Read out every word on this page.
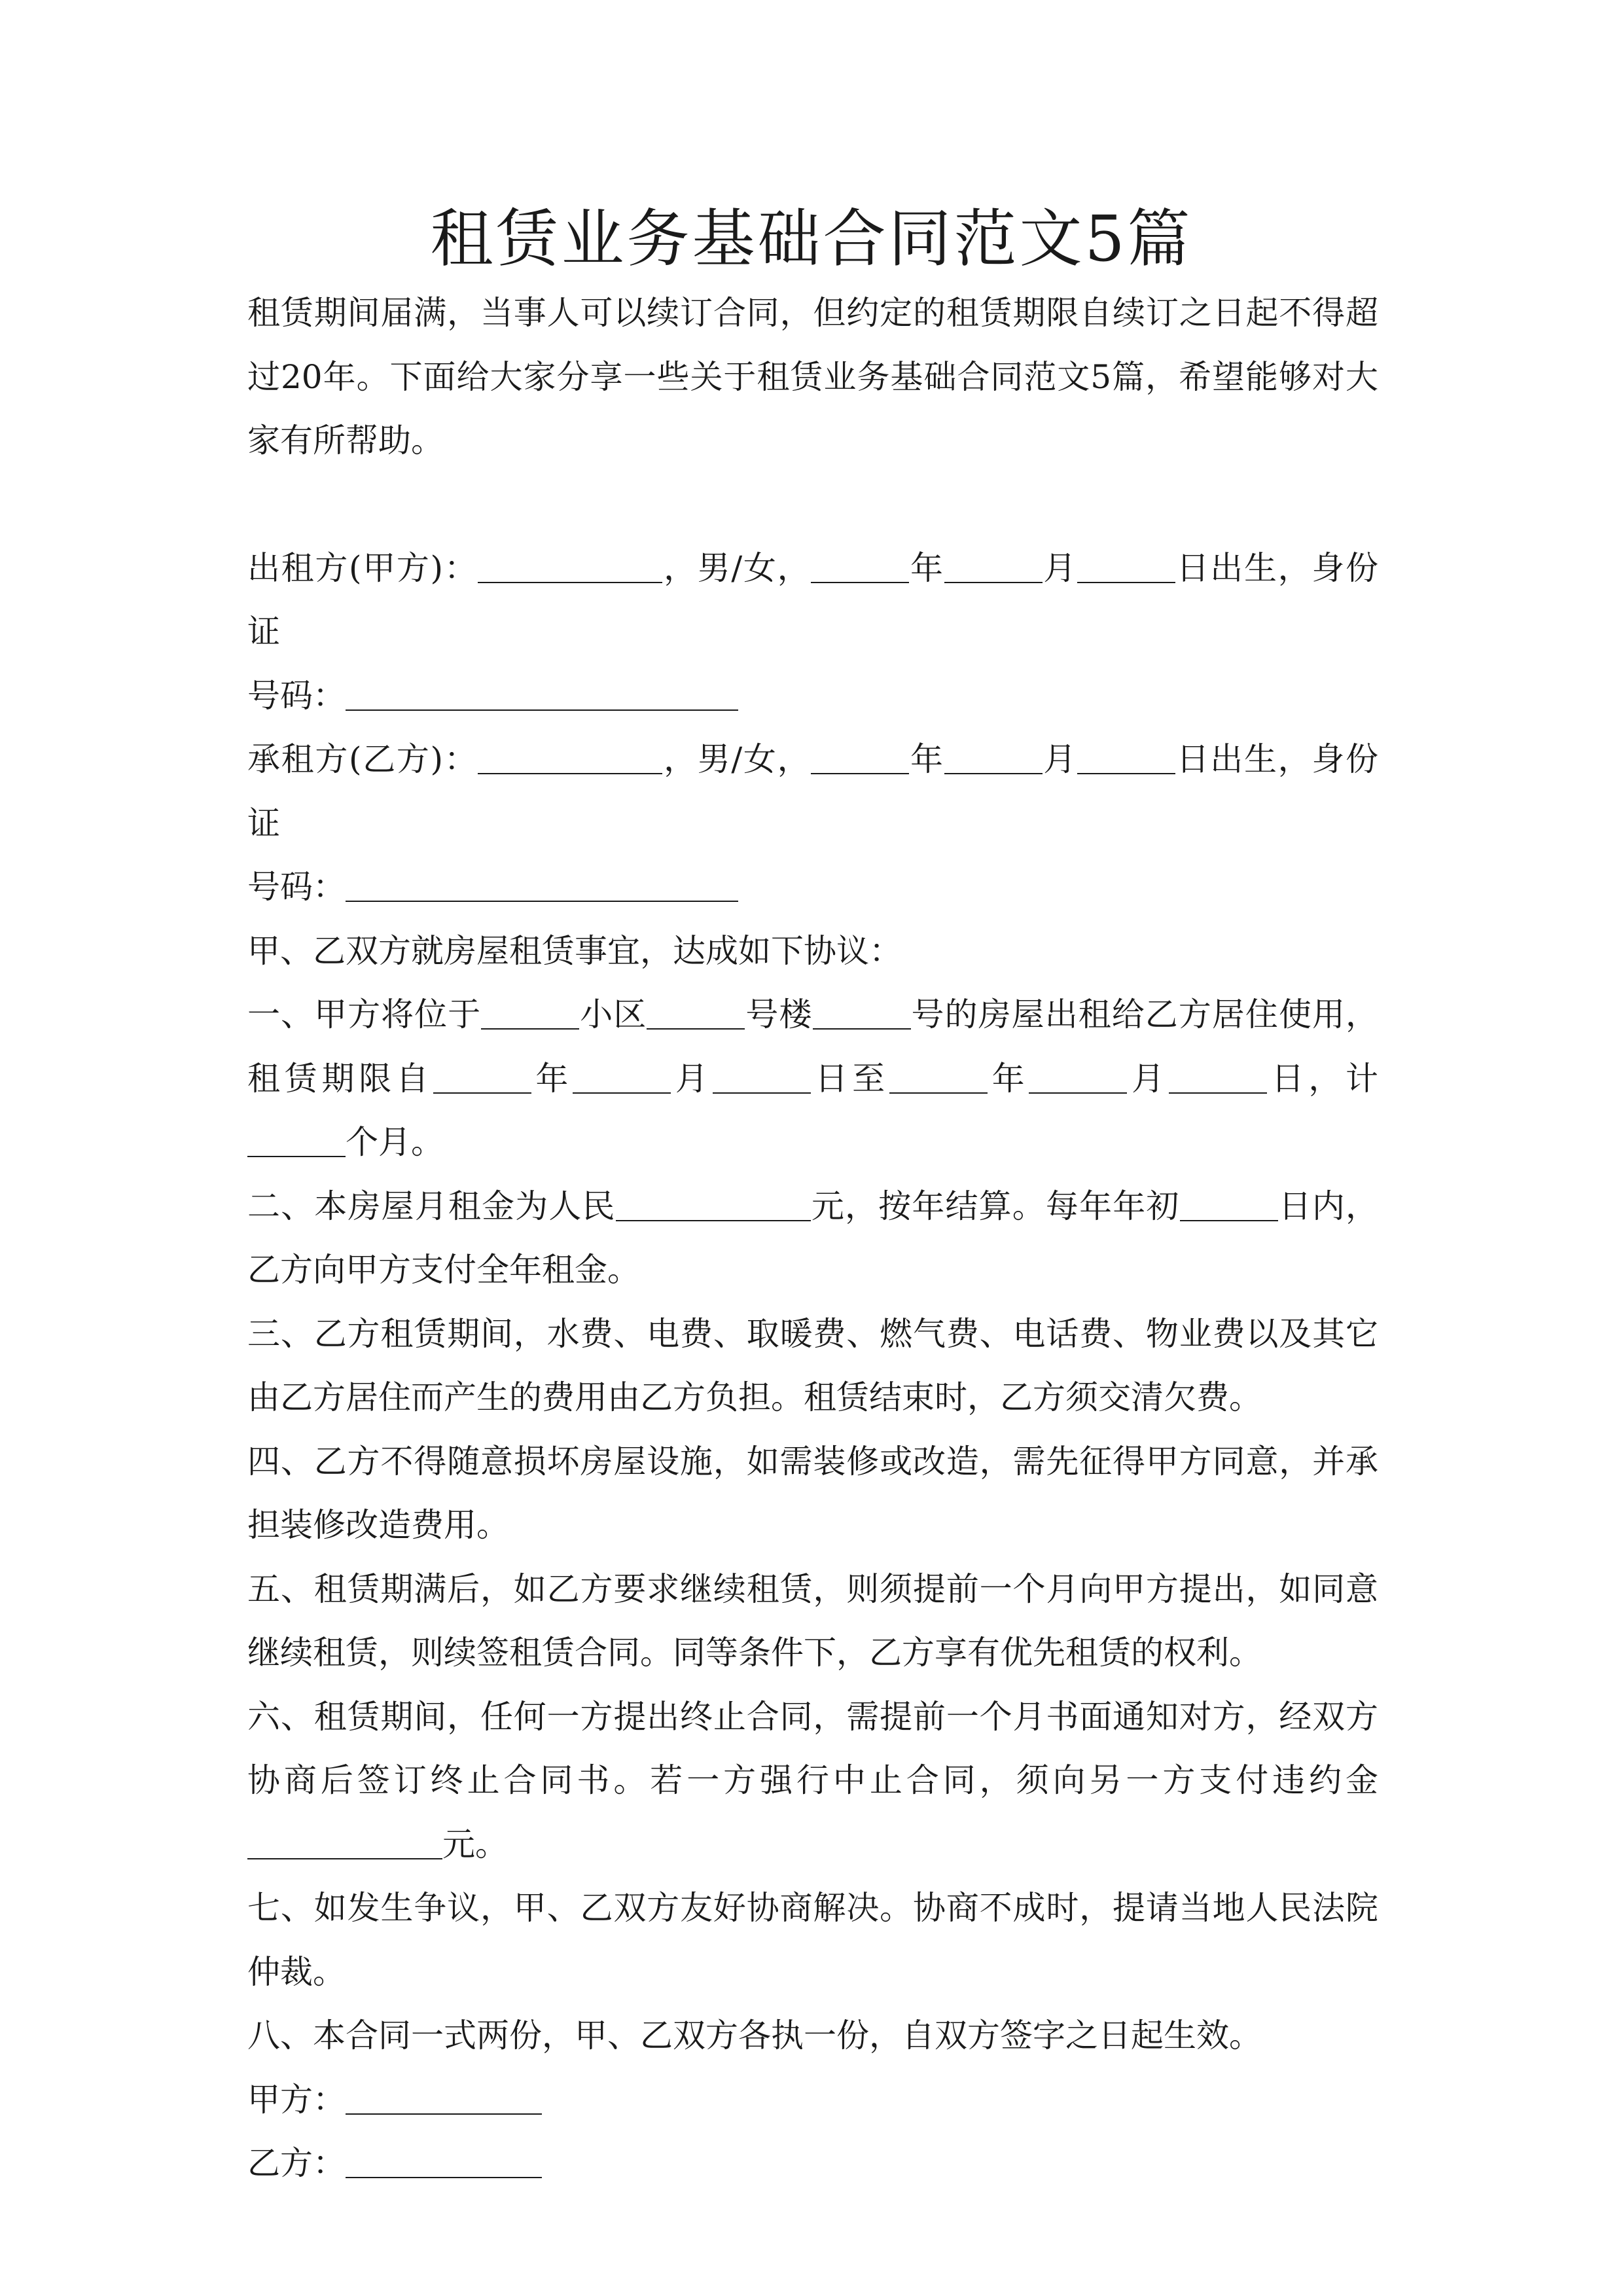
租赁业务基础合同范文5篇

租赁期间届满，当事人可以续订合同，但约定的租赁期限自续订之日起不得超过20年。下面给大家分享一些关于租赁业务基础合同范文5篇，希望能够对大家有所帮助。

出租方(甲方)：	，男/女，	年	月	日出生，身份证
号码：

承租方(乙方)：	，男/女，	年	月	日出生，身份证
号码：

甲、乙双方就房屋租赁事宜，达成如下协议：

一、甲方将位于	小区	号楼	号的房屋出租给乙方居住使用，租赁期限自	年	月	日至	年	月	日，计个月。

二、本房屋月租金为人民	元，按年结算。每年年初	日内，乙方向甲方支付全年租金。

三、乙方租赁期间，水费、电费、取暖费、燃气费、电话费、物业费以及其它由乙方居住而产生的费用由乙方负担。租赁结束时，乙方须交清欠费。

四、乙方不得随意损坏房屋设施，如需装修或改造，需先征得甲方同意，并承担装修改造费用。

五、租赁期满后，如乙方要求继续租赁，则须提前一个月向甲方提出，如同意继续租赁，则续签租赁合同。同等条件下，乙方享有优先租赁的权利。

六、租赁期间，任何一方提出终止合同，需提前一个月书面通知对方，经双方协商后签订终止合同书。若一方强行中止合同，须向另一方支付违约金元。

七、如发生争议，甲、乙双方友好协商解决。协商不成时，提请当地人民法院仲裁。

八、本合同一式两份，甲、乙双方各执一份，自双方签字之日起生效。

甲方：

乙方：
